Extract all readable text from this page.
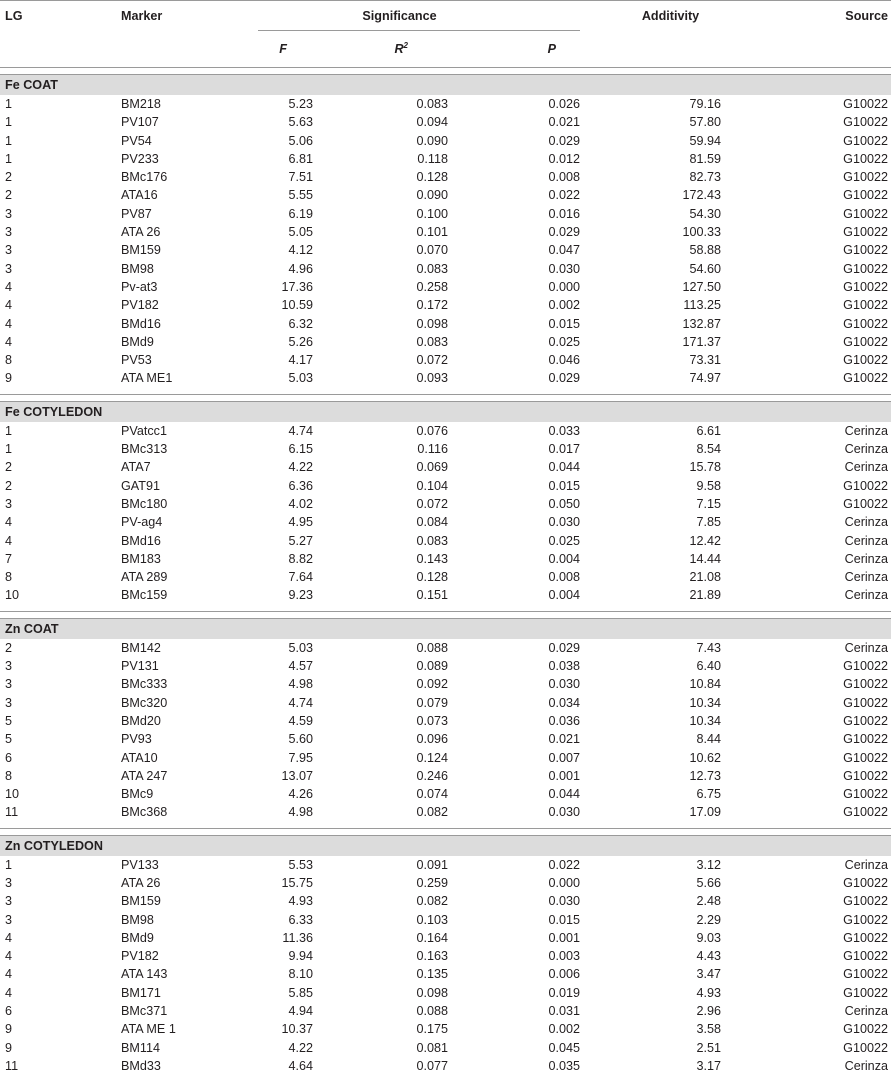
LG	Marker	Significance			Additivity	Source
		F	$R^2$	P		

Fe COAT						
1	BM218	5.23	0.083	0.026	79.16	G10022
1	PV107	5.63	0.094	0.021	57.80	G10022
1	PV54	5.06	0.090	0.029	59.94	G10022
1	PV233	6.81	0.118	0.012	81.59	G10022
2	BMc176	7.51	0.128	0.008	82.73	G10022
2	ATA16	5.55	0.090	0.022	172.43	G10022
3	PV87	6.19	0.100	0.016	54.30	G10022
3	ATA 26	5.05	0.101	0.029	100.33	G10022
3	BM159	4.12	0.070	0.047	58.88	G10022
3	BM98	4.96	0.083	0.030	54.60	G10022
4	Pv-at3	17.36	0.258	0.000	127.50	G10022
4	PV182	10.59	0.172	0.002	113.25	G10022
4	BMd16	6.32	0.098	0.015	132.87	G10022
4	BMd9	5.26	0.083	0.025	171.37	G10022
8	PV53	4.17	0.072	0.046	73.31	G10022
9	ATA ME1	5.03	0.093	0.029	74.97	G10022

Fe COTYLEDON						
1	PVatcc1	4.74	0.076	0.033	6.61	Cerinza
1	BMc313	6.15	0.116	0.017	8.54	Cerinza
2	ATA7	4.22	0.069	0.044	15.78	Cerinza
2	GAT91	6.36	0.104	0.015	9.58	G10022
3	BMc180	4.02	0.072	0.050	7.15	G10022
4	PV-ag4	4.95	0.084	0.030	7.85	Cerinza
4	BMd16	5.27	0.083	0.025	12.42	Cerinza
7	BM183	8.82	0.143	0.004	14.44	Cerinza
8	ATA 289	7.64	0.128	0.008	21.08	Cerinza
10	BMc159	9.23	0.151	0.004	21.89	Cerinza

Zn COAT						
2	BM142	5.03	0.088	0.029	7.43	Cerinza
3	PV131	4.57	0.089	0.038	6.40	G10022
3	BMc333	4.98	0.092	0.030	10.84	G10022
3	BMc320	4.74	0.079	0.034	10.34	G10022
5	BMd20	4.59	0.073	0.036	10.34	G10022
5	PV93	5.60	0.096	0.021	8.44	G10022
6	ATA10	7.95	0.124	0.007	10.62	G10022
8	ATA 247	13.07	0.246	0.001	12.73	G10022
10	BMc9	4.26	0.074	0.044	6.75	G10022
11	BMc368	4.98	0.082	0.030	17.09	G10022

Zn COTYLEDON						
1	PV133	5.53	0.091	0.022	3.12	Cerinza
3	ATA 26	15.75	0.259	0.000	5.66	G10022
3	BM159	4.93	0.082	0.030	2.48	G10022
3	BM98	6.33	0.103	0.015	2.29	G10022
4	BMd9	11.36	0.164	0.001	9.03	G10022
4	PV182	9.94	0.163	0.003	4.43	G10022
4	ATA 143	8.10	0.135	0.006	3.47	G10022
4	BM171	5.85	0.098	0.019	4.93	G10022
6	BMc371	4.94	0.088	0.031	2.96	Cerinza
9	ATA ME 1	10.37	0.175	0.002	3.58	G10022
9	BM114	4.22	0.081	0.045	2.51	G10022
11	BMd33	4.64	0.077	0.035	3.17	Cerinza
